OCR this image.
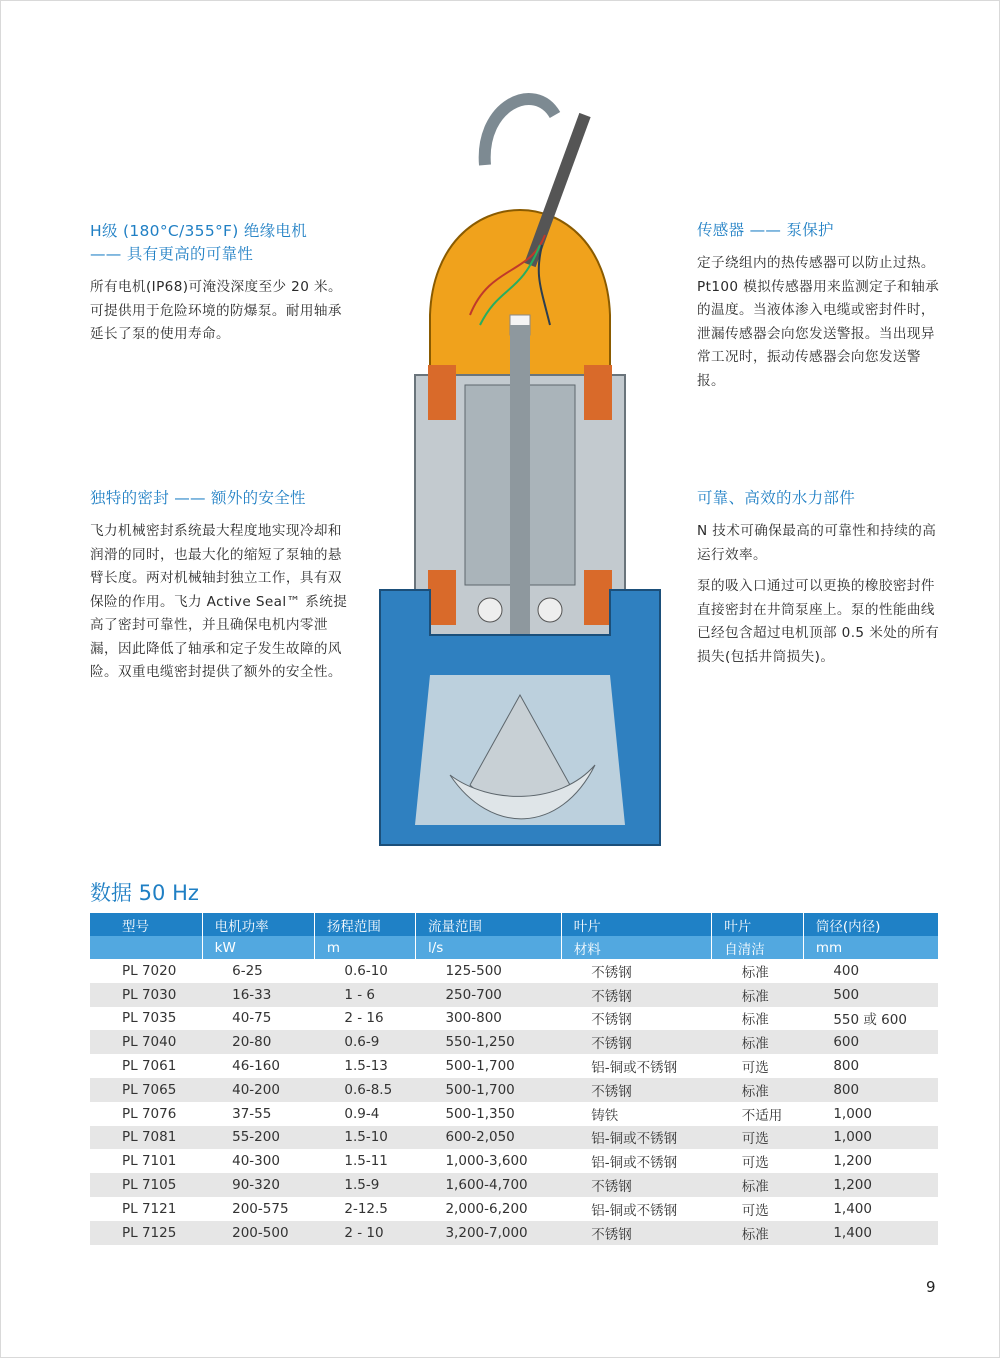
H级 (180°C/355°F) 绝缘电机
—— 具有更高的可靠性

所有电机(IP68)可淹没深度至少 20 米。可提供用于危险环境的防爆泵。耐用轴承延长了泵的使用寿命。

独特的密封 —— 额外的安全性

飞力机械密封系统最大程度地实现冷却和润滑的同时，也最大化的缩短了泵轴的悬臂长度。两对机械轴封独立工作，具有双保险的作用。飞力 Active Seal™ 系统提高了密封可靠性，并且确保电机内零泄漏，因此降低了轴承和定子发生故障的风险。双重电缆密封提供了额外的安全性。

传感器 —— 泵保护

定子绕组内的热传感器可以防止过热。Pt100 模拟传感器用来监测定子和轴承的温度。当液体渗入电缆或密封件时，泄漏传感器会向您发送警报。当出现异常工况时，振动传感器会向您发送警报。

可靠、高效的水力部件

N 技术可确保最高的可靠性和持续的高运行效率。

泵的吸入口通过可以更换的橡胶密封件直接密封在井筒泵座上。泵的性能曲线已经包含超过电机顶部 0.5 米处的所有损失(包括井筒损失)。

数据 50 Hz
型号	电机功率	扬程范围	流量范围	叶片	叶片	筒径(内径)
	kW	m	l/s	材料	自清洁	mm
PL 7020	6-25	0.6-10	125-500	不锈钢	标准	400
PL 7030	16-33	1 - 6	250-700	不锈钢	标准	500
PL 7035	40-75	2 - 16	300-800	不锈钢	标准	550 或 600
PL 7040	20-80	0.6-9	550-1,250	不锈钢	标准	600
PL 7061	46-160	1.5-13	500-1,700	铝-铜或不锈钢	可选	800
PL 7065	40-200	0.6-8.5	500-1,700	不锈钢	标准	800
PL 7076	37-55	0.9-4	500-1,350	铸铁	不适用	1,000
PL 7081	55-200	1.5-10	600-2,050	铝-铜或不锈钢	可选	1,000
PL 7101	40-300	1.5-11	1,000-3,600	铝-铜或不锈钢	可选	1,200
PL 7105	90-320	1.5-9	1,600-4,700	不锈钢	标准	1,200
PL 7121	200-575	2-12.5	2,000-6,200	铝-铜或不锈钢	可选	1,400
PL 7125	200-500	2 - 10	3,200-7,000	不锈钢	标准	1,400
9
